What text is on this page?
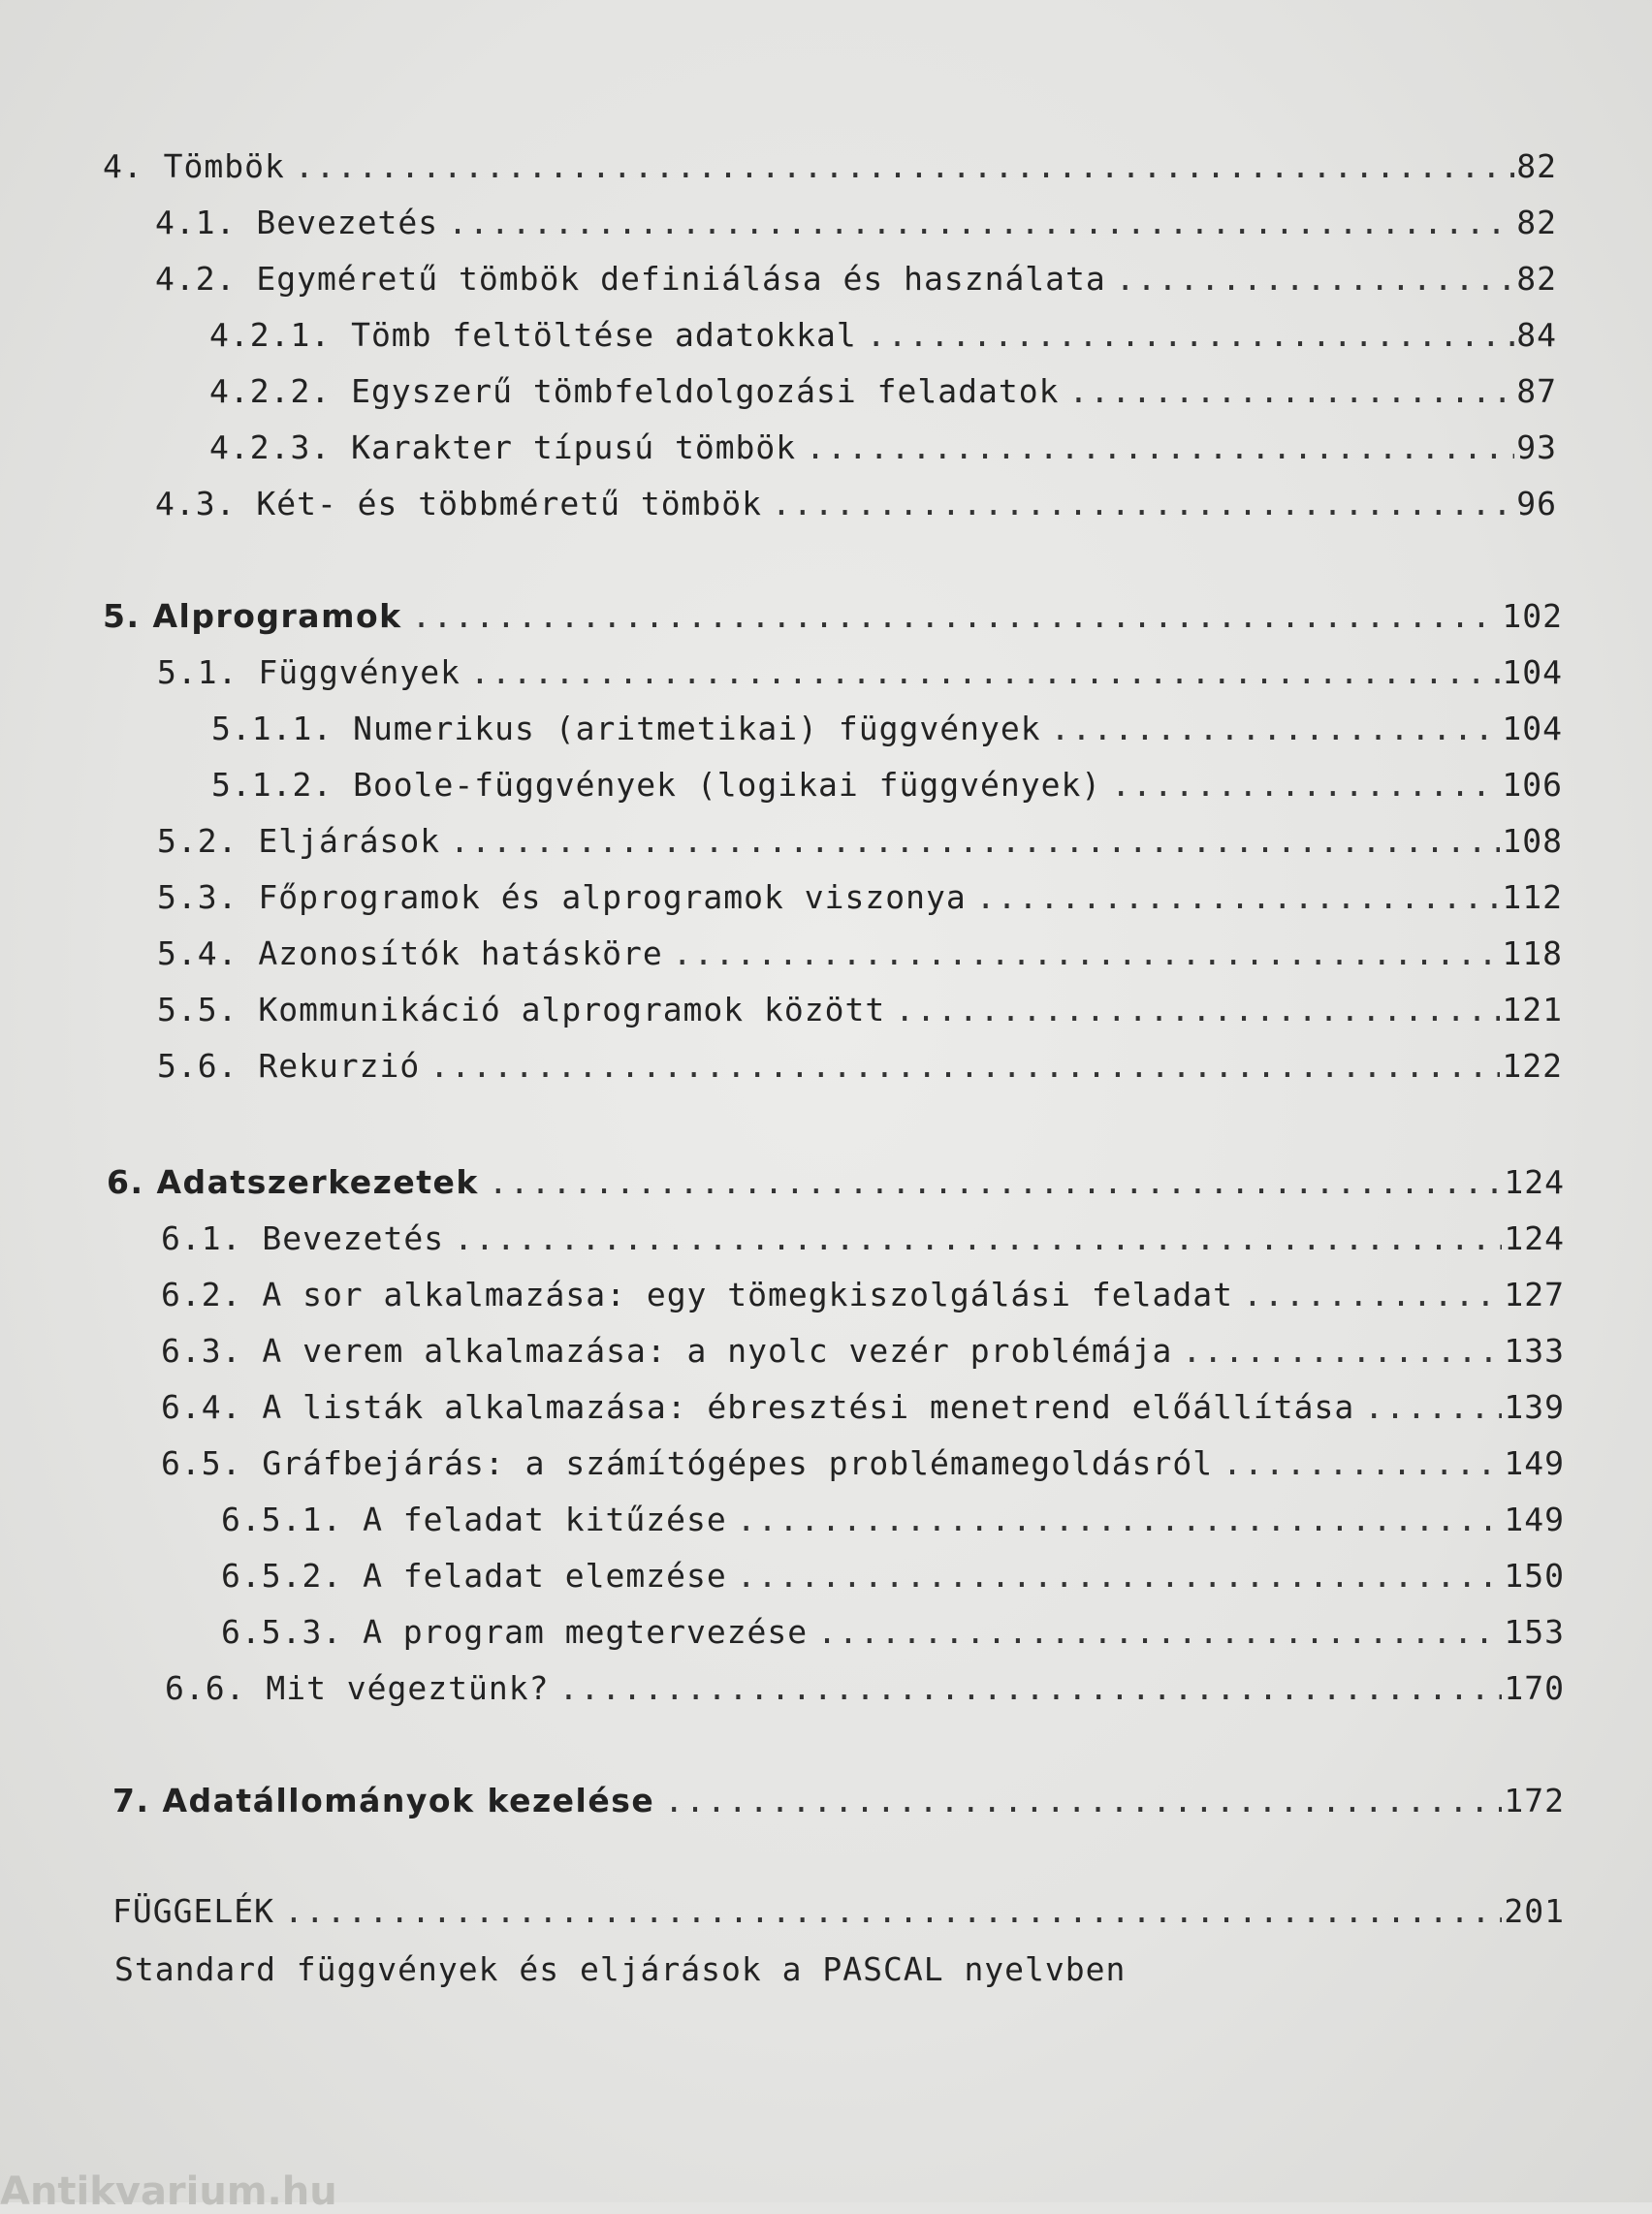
4. Tömbök .....	82
4.1. Bevezetés .....	82
4.2. Egyméretű tömbök definiálása és használata .....	82
4.2.1. Tömb feltöltése adatokkal .....	84
4.2.2. Egyszerű tömbfeldolgozási feladatok .....	87
4.2.3. Karakter típusú tömbök .....	93
4.3. Két- és többméretű tömbök .....	96
5. Alprogramok .....	102
5.1. Függvények .....	104
5.1.1. Numerikus (aritmetikai) függvények .....	104
5.1.2. Boole-függvények (logikai függvények) .....	106
5.2. Eljárások .....	108
5.3. Főprogramok és alprogramok viszonya .....	112
5.4. Azonosítók hatásköre .....	118
5.5. Kommunikáció alprogramok között .....	121
5.6. Rekurzió .....	122
6. Adatszerkezetek .....	124
6.1. Bevezetés .....	124
6.2. A sor alkalmazása: egy tömegkiszolgálási feladat .....	127
6.3. A verem alkalmazása: a nyolc vezér problémája .....	133
6.4. A listák alkalmazása: ébresztési menetrend előállítása .....	139
6.5. Gráfbejárás: a számítógépes problémamegoldásról .....	149
6.5.1. A feladat kitűzése .....	149
6.5.2. A feladat elemzése .....	150
6.5.3. A program megtervezése .....	153
6.6. Mit végeztünk? .....	170
7. Adatállományok kezelése .....	172
FÜGGELÉK .....	201
Standard függvények és eljárások a PASCAL nyelvben
Antikvarium.hu
